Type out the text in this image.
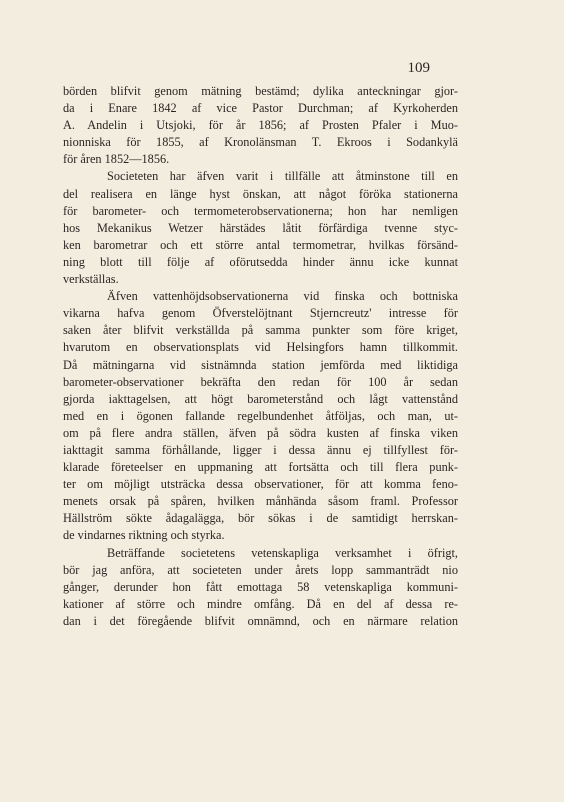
109

börden blifvit genom mätning bestämd; dylika anteckningar gjor-
da i Enare 1842 af vice Pastor Durchman; af Kyrkoherden
A. Andelin i Utsjoki, för år 1856; af Prosten Pfaler i Muo-
nionniska för 1855, af Kronolänsman T. Ekroos i Sodankylä
för åren 1852—1856.

Societeten har äfven varit i tillfälle att åtminstone till en
del realisera en länge hyst önskan, att något föröka stationerna
för barometer- och termometerobservationerna; hon har nemligen
hos Mekanikus Wetzer härstädes låtit förfärdiga tvenne styc-
ken barometrar och ett större antal termometrar, hvilkas försänd-
ning blott till följe af oförutsedda hinder ännu icke kunnat
verkställas.

Äfven vattenhöjdsobservationerna vid finska och bottniska
vikarna hafva genom Öfverstelöjtnant Stjerncreutz' intresse för
saken åter blifvit verkställda på samma punkter som före kriget,
hvarutom en observationsplats vid Helsingfors hamn tillkommit.
Då mätningarna vid sistnämnda station jemförda med liktidiga
barometer-observationer bekräfta den redan för 100 år sedan
gjorda iakttagelsen, att högt barometerstånd och lågt vattenstånd
med en i ögonen fallande regelbundenhet åtföljas, och man, ut-
om på flere andra ställen, äfven på södra kusten af finska viken
iakttagit samma förhållande, ligger i dessa ännu ej tillfyllest för-
klarade företeelser en uppmaning att fortsätta och till flera punk-
ter om möjligt utsträcka dessa observationer, för att komma feno-
menets orsak på spåren, hvilken månhända såsom framl. Professor
Hällström sökte ådagalägga, bör sökas i de samtidigt herrskan-
de vindarnes riktning och styrka.

Beträffande societetens vetenskapliga verksamhet i öfrigt,
bör jag anföra, att societeten under årets lopp sammanträdt nio
gånger, derunder hon fått emottaga 58 vetenskapliga kommuni-
kationer af större och mindre omfång. Då en del af dessa re-
dan i det föregående blifvit omnämnd, och en närmare relation
